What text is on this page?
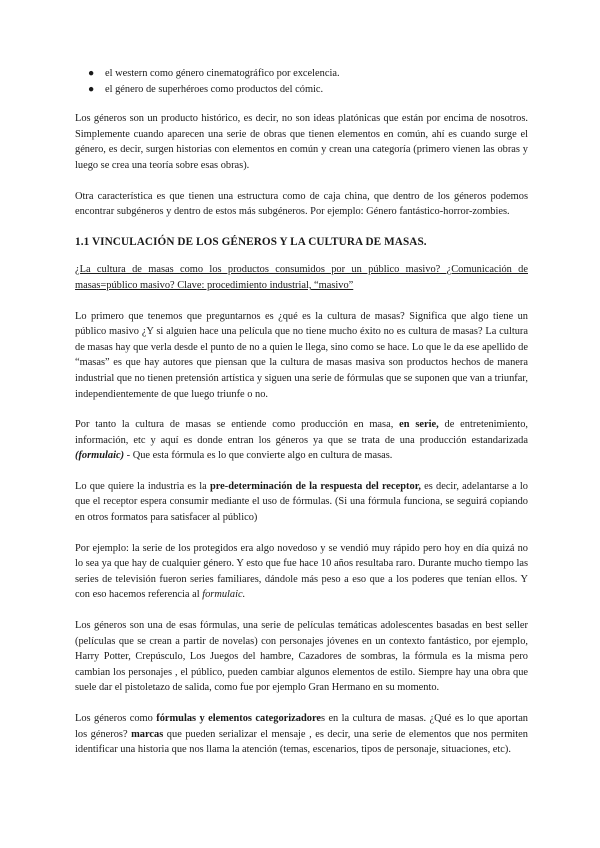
● el western como género cinematográfico por excelencia.
● el género de superhéroes como productos del cómic.

Los géneros son un producto histórico, es decir, no son ideas platónicas que están por encima de nosotros. Simplemente cuando aparecen una serie de obras que tienen elementos en común, ahí es cuando surge el género, es decir, surgen historias con elementos en común y crean una categoría (primero vienen las obras y luego se crea una teoría sobre esas obras).

Otra característica es que tienen una estructura como de caja china, que dentro de los géneros podemos encontrar subgéneros y dentro de estos más subgéneros. Por ejemplo: Género fantástico-horror-zombies.

1.1 VINCULACIÓN DE LOS GÉNEROS Y LA CULTURA DE MASAS.

¿La cultura de masas como los productos consumidos por un público masivo? ¿Comunicación de masas=público masivo? Clave: procedimiento industrial, “masivo”

Lo primero que tenemos que preguntarnos es ¿qué es la cultura de masas? Significa que algo tiene un público masivo ¿Y si alguien hace una película que no tiene mucho éxito no es cultura de masas? La cultura de masas hay que verla desde el punto de no a quien le llega, sino como se hace. Lo que le da ese apellido de “masas” es que hay autores que piensan que la cultura de masas masiva son productos hechos de manera industrial que no tienen pretensión artística y siguen una serie de fórmulas que se suponen que van a triunfar, independientemente de que luego triunfe o no.

Por tanto la cultura de masas se entiende como producción en masa, en serie, de entretenimiento, información, etc y aquí es donde entran los géneros ya que se trata de una producción estandarizada (formulaic) - Que esta fórmula es lo que convierte algo en cultura de masas.

Lo que quiere la industria es la pre-determinación de la respuesta del receptor, es decir, adelantarse a lo que el receptor espera consumir mediante el uso de fórmulas. (Si una fórmula funciona, se seguirá copiando en otros formatos para satisfacer al público)

Por ejemplo: la serie de los protegidos era algo novedoso y se vendió muy rápido pero hoy en día quizá no lo sea ya que hay de cualquier género. Y esto que fue hace 10 años resultaba raro. Durante mucho tiempo las series de televisión fueron series familiares, dándole más peso a eso que a los poderes que tenían ellos. Y con eso hacemos referencia al formulaic.

Los géneros son una de esas fórmulas, una serie de películas temáticas adolescentes basadas en best seller (películas que se crean a partir de novelas) con personajes jóvenes en un contexto fantástico, por ejemplo, Harry Potter, Crepúsculo, Los Juegos del hambre, Cazadores de sombras, la fórmula es la misma pero cambian los personajes , el público, pueden cambiar algunos elementos de estilo. Siempre hay una obra que suele dar el pistoletazo de salida, como fue por ejemplo Gran Hermano en su momento.

Los géneros como fórmulas y elementos categorizadores en la cultura de masas. ¿Qué es lo que aportan los géneros? marcas que pueden serializar el mensaje , es decir, una serie de elementos que nos permiten identificar una historia que nos llama la atención (temas, escenarios, tipos de personaje, situaciones, etc).
